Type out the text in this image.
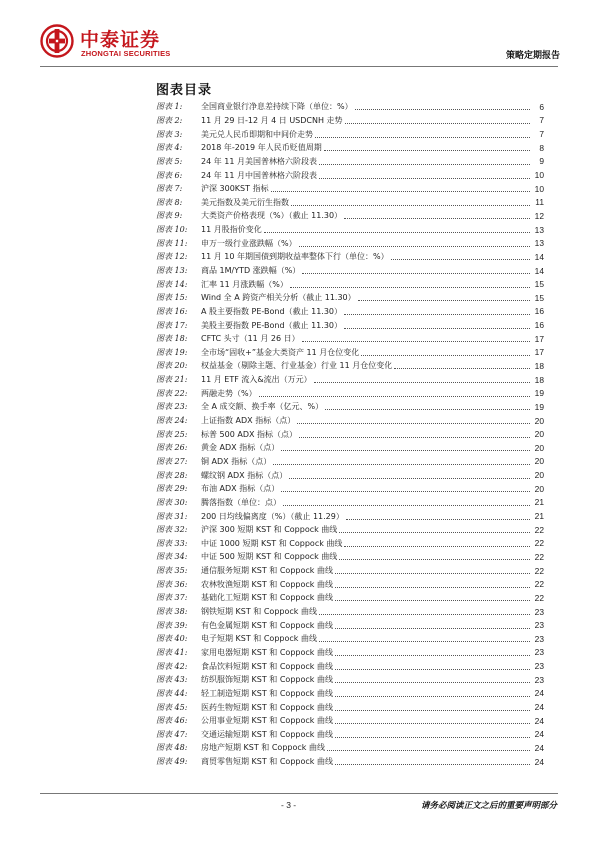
中泰证券
ZHONGTAI SECURITIES	策略定期报告
图表目录
图表 1:	全国商业银行净息差持续下降（单位：%）	6
图表 2:	11 月 29 日-12 月 4 日 USDCNH 走势	7
图表 3:	美元兑人民币即期和中间价走势	7
图表 4:	2018 年-2019 年人民币贬值周期	8
图表 5:	24 年 11 月美国普林格六阶段表	9
图表 6:	24 年 11 月中国普林格六阶段表	10
图表 7:	沪深 300KST 指标	10
图表 8:	美元指数及美元衍生指数	11
图表 9:	大类资产价格表现（%）（截止 11.30）	12
图表 10:	11 月股指价变化	13
图表 11:	申万一级行业涨跌幅（%）	13
图表 12:	11 月 10 年期国债到期收益率整体下行（单位：%）	14
图表 13:	商品 1M/YTD 涨跌幅（%）	14
图表 14:	汇率 11 月涨跌幅（%）	15
图表 15:	Wind 全 A 跨资产相关分析（截止 11.30）	15
图表 16:	A 股主要指数 PE-Bond（截止 11.30）	16
图表 17:	美股主要指数 PE-Bond（截止 11.30）	16
图表 18:	CFTC 头寸（11 月 26 日）	17
图表 19:	全市场“固收+”基金大类资产 11 月仓位变化	17
图表 20:	权益基金（剔除主题、行业基金）行业 11 月仓位变化	18
图表 21:	11 月 ETF 流入&流出（万元）	18
图表 22:	两融走势（%）	19
图表 23:	全 A 成交额、换手率（亿元、%）	19
图表 24:	上证指数 ADX 指标（点）	20
图表 25:	标普 500 ADX 指标（点）	20
图表 26:	黄金 ADX 指标（点）	20
图表 27:	铜 ADX 指标（点）	20
图表 28:	螺纹钢 ADX 指标（点）	20
图表 29:	布油 ADX 指标（点）	20
图表 30:	腾落指数（单位：点）	21
图表 31:	200 日均线偏离度（%）（截止 11.29）	21
图表 32:	沪深 300 短期 KST 和 Coppock 曲线	22
图表 33:	中证 1000 短期 KST 和 Coppock 曲线	22
图表 34:	中证 500 短期 KST 和 Coppock 曲线	22
图表 35:	通信服务短期 KST 和 Coppock 曲线	22
图表 36:	农林牧渔短期 KST 和 Coppock 曲线	22
图表 37:	基础化工短期 KST 和 Coppock 曲线	22
图表 38:	钢铁短期 KST 和 Coppock 曲线	23
图表 39:	有色金属短期 KST 和 Coppock 曲线	23
图表 40:	电子短期 KST 和 Coppock 曲线	23
图表 41:	家用电器短期 KST 和 Coppock 曲线	23
图表 42:	食品饮料短期 KST 和 Coppock 曲线	23
图表 43:	纺织服饰短期 KST 和 Coppock 曲线	23
图表 44:	轻工制造短期 KST 和 Coppock 曲线	24
图表 45:	医药生物短期 KST 和 Coppock 曲线	24
图表 46:	公用事业短期 KST 和 Coppock 曲线	24
图表 47:	交通运输短期 KST 和 Coppock 曲线	24
图表 48:	房地产短期 KST 和 Coppock 曲线	24
图表 49:	商贸零售短期 KST 和 Coppock 曲线	24
- 3 -	请务必阅读正文之后的重要声明部分
